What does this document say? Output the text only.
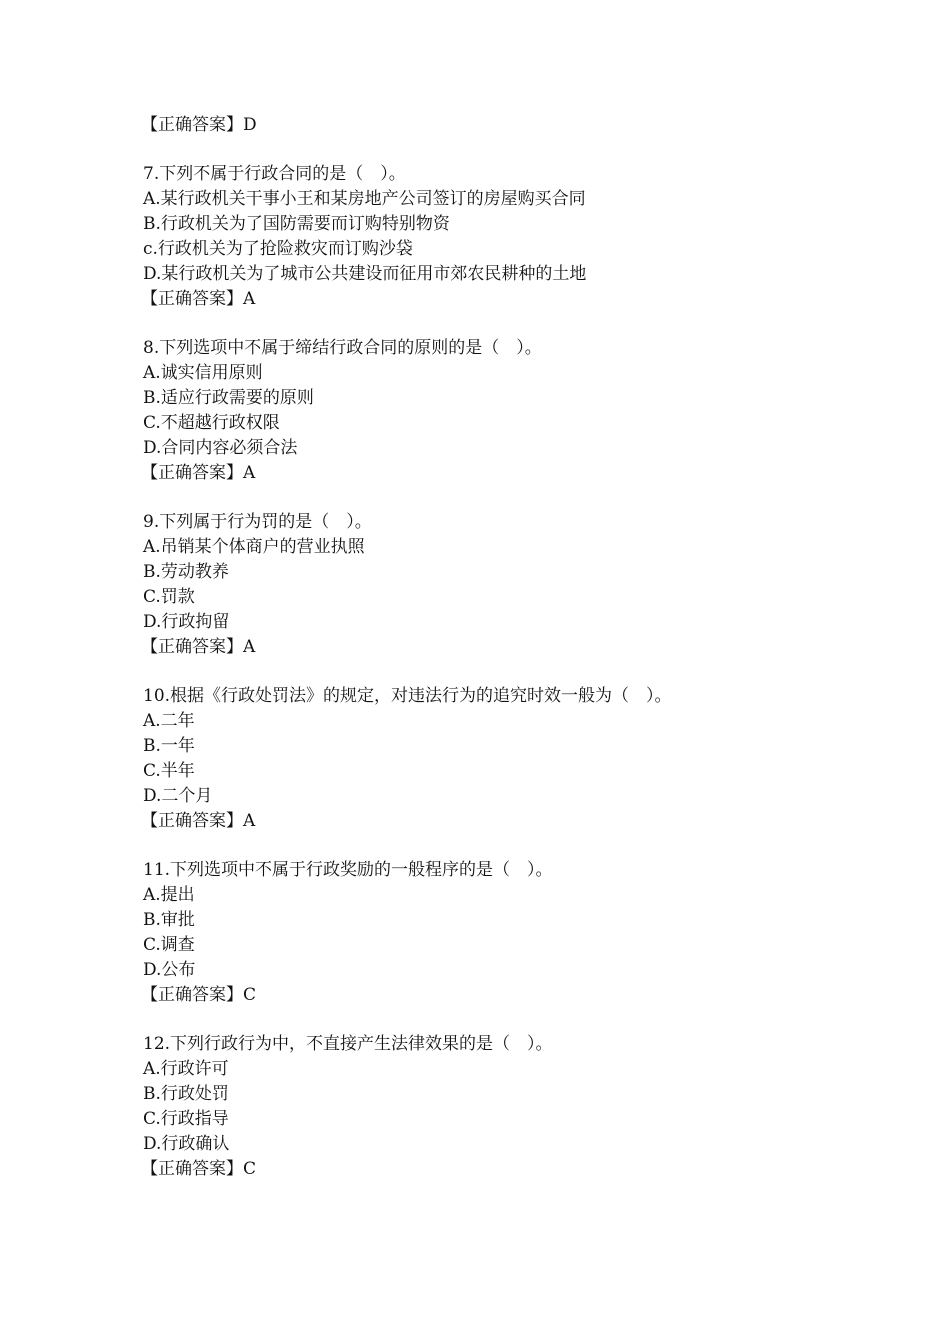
【正确答案】D
7.下列不属于行政合同的是（　）。
A.某行政机关干事小王和某房地产公司签订的房屋购买合同
B.行政机关为了国防需要而订购特别物资
c.行政机关为了抢险救灾而订购沙袋
D.某行政机关为了城市公共建设而征用市郊农民耕种的土地
【正确答案】A
8.下列选项中不属于缔结行政合同的原则的是（　）。
A.诚实信用原则
B.适应行政需要的原则
C.不超越行政权限
D.合同内容必须合法
【正确答案】A
9.下列属于行为罚的是（　）。
A.吊销某个体商户的营业执照
B.劳动教养
C.罚款
D.行政拘留
【正确答案】A
10.根据《行政处罚法》的规定，对违法行为的追究时效一般为（　）。
A.二年
B.一年
C.半年
D.二个月
【正确答案】A
11.下列选项中不属于行政奖励的一般程序的是（　）。
A.提出
B.审批
C.调查
D.公布
【正确答案】C
12.下列行政行为中，不直接产生法律效果的是（　）。
A.行政许可
B.行政处罚
C.行政指导
D.行政确认
【正确答案】C
